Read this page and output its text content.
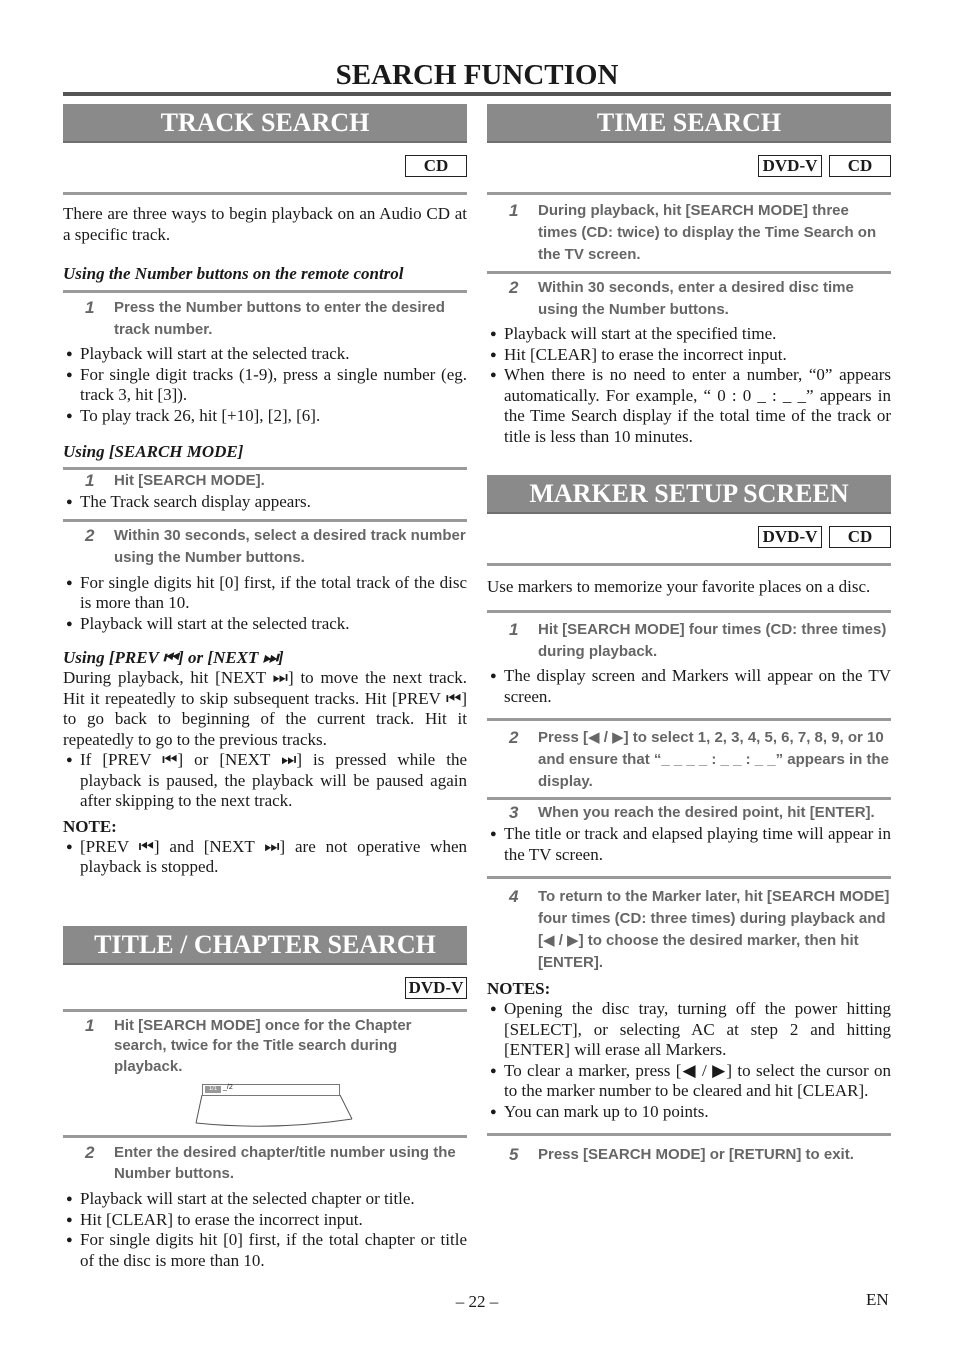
SEARCH FUNCTION
TRACK SEARCH
CD

There are three ways to begin playback on an Audio CD at a specific track.

Using the Number buttons on the remote control
1	Press the Number buttons to enter the desired track number.
● Playback will start at the selected track.
● For single digit tracks (1-9), press a single number (eg. track 3, hit [3]).
● To play track 26, hit [+10], [2], [6].
Using [SEARCH MODE]
1	Hit [SEARCH MODE].
● The Track search display appears.
2	Within 30 seconds, select a desired track number using the Number buttons.
● For single digits hit [0] first, if the total track of the disc is more than 10.
● Playback will start at the selected track.
Using [PREV ⏮] or [NEXT ⏭]

During playback, hit [NEXT ⏭] to move the next track. Hit it repeatedly to skip subsequent tracks. Hit [PREV ⏮] to go back to beginning of the current track. Hit it repeatedly to go to the previous tracks.

● If [PREV ⏮] or [NEXT ⏭] is pressed while the playback is paused, the playback will be paused again after skipping to the next track.
NOTE:
● [PREV ⏮] and [NEXT ⏭] are not operative when playback is stopped.
TITLE / CHAPTER SEARCH
DVD-V
1	Hit [SEARCH MODE] once for the Chapter search, twice for the Title search during playback.
1/1 _/2
2	Enter the desired chapter/title number using the Number buttons.
● Playback will start at the selected chapter or title.
● Hit [CLEAR] to erase the incorrect input.
● For single digits hit [0] first, if the total chapter or title of the disc is more than 10.
TIME SEARCH
DVD-V CD
1	During playback, hit [SEARCH MODE] three times (CD: twice) to display the Time Search on the TV screen.
2	Within 30 seconds, enter a desired disc time using the Number buttons.
● Playback will start at the specified time.
● Hit [CLEAR] to erase the incorrect input.
● When there is no need to enter a number, “0” appears automatically. For example, “ 0 : 0 _ : _ _” appears in the Time Search display if the total time of the track or title is less than 10 minutes.
MARKER SETUP SCREEN
DVD-V CD

Use markers to memorize your favorite places on a disc.

1	Hit [SEARCH MODE] four times (CD: three times) during playback.
● The display screen and Markers will appear on the TV screen.
2	Press [◀ / ▶] to select 1, 2, 3, 4, 5, 6, 7, 8, 9, or 10 and ensure that “_ _ _ _ : _ _ : _ _” appears in the display.
3	When you reach the desired point, hit [ENTER].
● The title or track and elapsed playing time will appear in the TV screen.
4	To return to the Marker later, hit [SEARCH MODE] four times (CD: three times) during playback and [◀ / ▶] to choose the desired marker, then hit [ENTER].
NOTES:
● Opening the disc tray, turning off the power hitting [SELECT], or selecting AC at step 2 and hitting [ENTER] will erase all Markers.
● To clear a marker, press [◀ / ▶] to select the cursor on to the marker number to be cleared and hit [CLEAR].
● You can mark up to 10 points.
5	Press [SEARCH MODE] or [RETURN] to exit.
– 22 –	EN
